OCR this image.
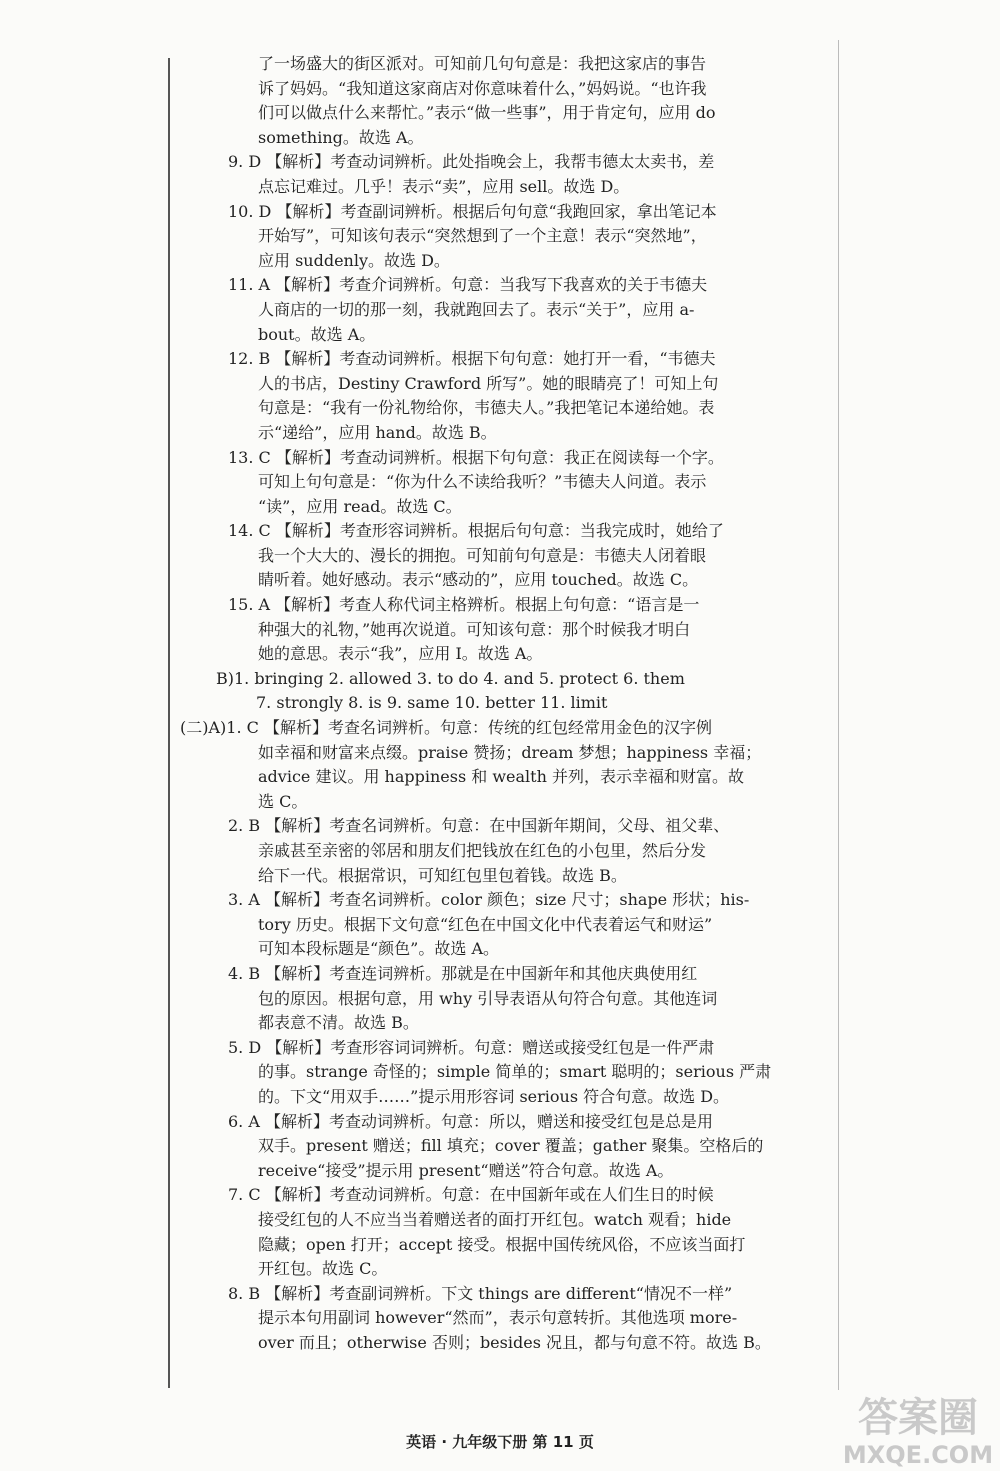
了一场盛大的街区派对。可知前几句句意是：我把这家店的事告
诉了妈妈。“我知道这家商店对你意味着什么，”妈妈说。“也许我
们可以做点什么来帮忙。”表示“做一些事”，用于肯定句，应用 do
something。故选 A。
9. D 【解析】考查动词辨析。此处指晚会上，我帮韦德太太卖书，差
点忘记难过。几乎！表示“卖”，应用 sell。故选 D。
10. D 【解析】考查副词辨析。根据后句句意“我跑回家，拿出笔记本
开始写”，可知该句表示“突然想到了一个主意！表示“突然地”，
应用 suddenly。故选 D。
11. A 【解析】考查介词辨析。句意：当我写下我喜欢的关于韦德夫
人商店的一切的那一刻，我就跑回去了。表示“关于”，应用 a-
bout。故选 A。
12. B 【解析】考查动词辨析。根据下句句意：她打开一看，“韦德夫
人的书店，Destiny Crawford 所写”。她的眼睛亮了！可知上句
句意是：“我有一份礼物给你，韦德夫人。”我把笔记本递给她。表
示“递给”，应用 hand。故选 B。
13. C 【解析】考查动词辨析。根据下句句意：我正在阅读每一个字。
可知上句句意是：“你为什么不读给我听？”韦德夫人问道。表示
“读”，应用 read。故选 C。
14. C 【解析】考查形容词辨析。根据后句句意：当我完成时，她给了
我一个大大的、漫长的拥抱。可知前句句意是：韦德夫人闭着眼
睛听着。她好感动。表示“感动的”，应用 touched。故选 C。
15. A 【解析】考查人称代词主格辨析。根据上句句意：“语言是一
种强大的礼物，”她再次说道。可知该句意：那个时候我才明白
她的意思。表示“我”，应用 I。故选 A。
B)1. bringing 2. allowed 3. to do 4. and 5. protect 6. them
7. strongly 8. is 9. same 10. better 11. limit
(二)A)1. C 【解析】考查名词辨析。句意：传统的红包经常用金色的汉字例
如幸福和财富来点缀。praise 赞扬；dream 梦想；happiness 幸福；
advice 建议。用 happiness 和 wealth 并列，表示幸福和财富。故
选 C。
2. B 【解析】考查名词辨析。句意：在中国新年期间，父母、祖父辈、
亲戚甚至亲密的邻居和朋友们把钱放在红色的小包里，然后分发
给下一代。根据常识，可知红包里包着钱。故选 B。
3. A 【解析】考查名词辨析。color 颜色；size 尺寸；shape 形状；his-
tory 历史。根据下文句意“红色在中国文化中代表着运气和财运”
可知本段标题是“颜色”。故选 A。
4. B 【解析】考查连词辨析。那就是在中国新年和其他庆典使用红
包的原因。根据句意，用 why 引导表语从句符合句意。其他连词
都表意不清。故选 B。
5. D 【解析】考查形容词词辨析。句意：赠送或接受红包是一件严肃
的事。strange 奇怪的；simple 简单的；smart 聪明的；serious 严肃
的。下文“用双手……”提示用形容词 serious 符合句意。故选 D。
6. A 【解析】考查动词辨析。句意：所以，赠送和接受红包是总是用
双手。present 赠送；fill 填充；cover 覆盖；gather 聚集。空格后的
receive“接受”提示用 present“赠送”符合句意。故选 A。
7. C 【解析】考查动词辨析。句意：在中国新年或在人们生日的时候
接受红包的人不应当当着赠送者的面打开红包。watch 观看；hide
隐藏；open 打开；accept 接受。根据中国传统风俗，不应该当面打
开红包。故选 C。
8. B 【解析】考查副词辨析。下文 things are different“情况不一样”
提示本句用副词 however“然而”，表示句意转折。其他选项 more-
over 而且；otherwise 否则；besides 况且，都与句意不符。故选 B。
英语 · 九年级下册 第 11 页
答案圈
MXQE.COM
